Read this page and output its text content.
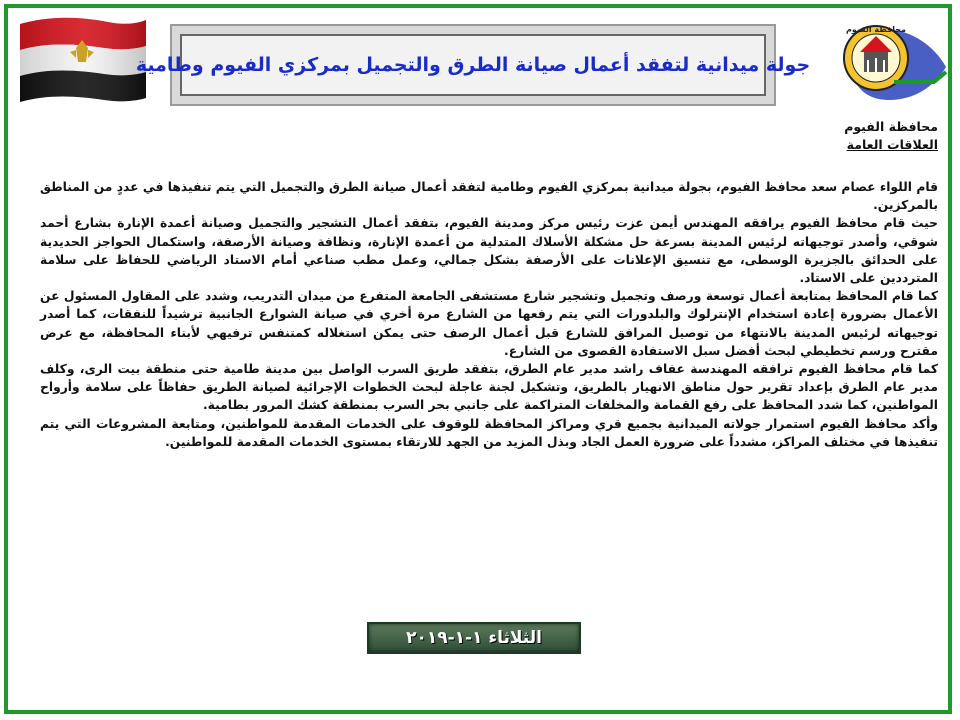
محافظة الفيوم
جولة ميدانية لتفقد أعمال صيانة الطرق والتجميل بمركزي الفيوم وطامية
محافظة الفيوم
العلاقات العامة

قام اللواء عصام سعد محافظ الفيوم، بجولة ميدانية بمركزي الفيوم وطامية لتفقد أعمال صيانة الطرق والتجميل التي يتم تنفيذها في عددٍ من المناطق بالمركزين.

حيث قام محافظ الفيوم يرافقه المهندس أيمن عزت رئيس مركز ومدينة الفيوم، بتفقد أعمال التشجير والتجميل وصيانة أعمدة الإنارة بشارع أحمد شوقي، وأصدر توجيهاته لرئيس المدينة بسرعة حل مشكلة الأسلاك المتدلية من أعمدة الإنارة، ونظافة وصيانة الأرصفة، واستكمال الحواجز الحديدية على الحدائق بالجزيرة الوسطى، مع تنسيق الإعلانات على الأرصفة بشكل جمالي، وعمل مطب صناعي أمام الاستاد الرياضي للحفاظ على سلامة المترددين على الاستاد.

كما قام المحافظ بمتابعة أعمال توسعة ورصف وتجميل وتشجير شارع مستشفى الجامعة المتفرع من ميدان التدريب، وشدد على المقاول المسئول عن الأعمال بضرورة إعادة استخدام الإنترلوك والبلدورات التي يتم رفعها من الشارع مرة أخري في صيانة الشوارع الجانبية ترشيداً للنفقات، كما أصدر توجيهاته لرئيس المدينة بالانتهاء من توصيل المرافق للشارع قبل أعمال الرصف حتى يمكن استغلاله كمتنفس ترفيهي لأبناء المحافظة، مع عرض مقترح ورسم تخطيطي لبحث أفضل سبل الاستفادة القصوى من الشارع.

كما قام محافظ الفيوم ترافقه المهندسة عفاف راشد مدير عام الطرق، بتفقد طريق السرب الواصل بين مدينة طامية حتى منطقة بيت الرى، وكلف مدير عام الطرق بإعداد تقرير حول مناطق الانهيار بالطريق، وتشكيل لجنة عاجلة لبحث الخطوات الإجرائية لصيانة الطريق حفاظاً على سلامة وأرواح المواطنين، كما شدد المحافظ على رفع القمامة والمخلفات المتراكمة على جانبي بحر السرب بمنطقة كشك المرور بطامية.

وأكد محافظ الفيوم استمرار جولاته الميدانية بجميع قري ومراكز المحافظة للوقوف على الخدمات المقدمة للمواطنين، ومتابعة المشروعات التي يتم تنفيذها في مختلف المراكز، مشدداً على ضرورة العمل الجاد وبذل المزيد من الجهد للارتقاء بمستوى الخدمات المقدمة للمواطنين.

الثلاثاء ١-١-٢٠١٩
